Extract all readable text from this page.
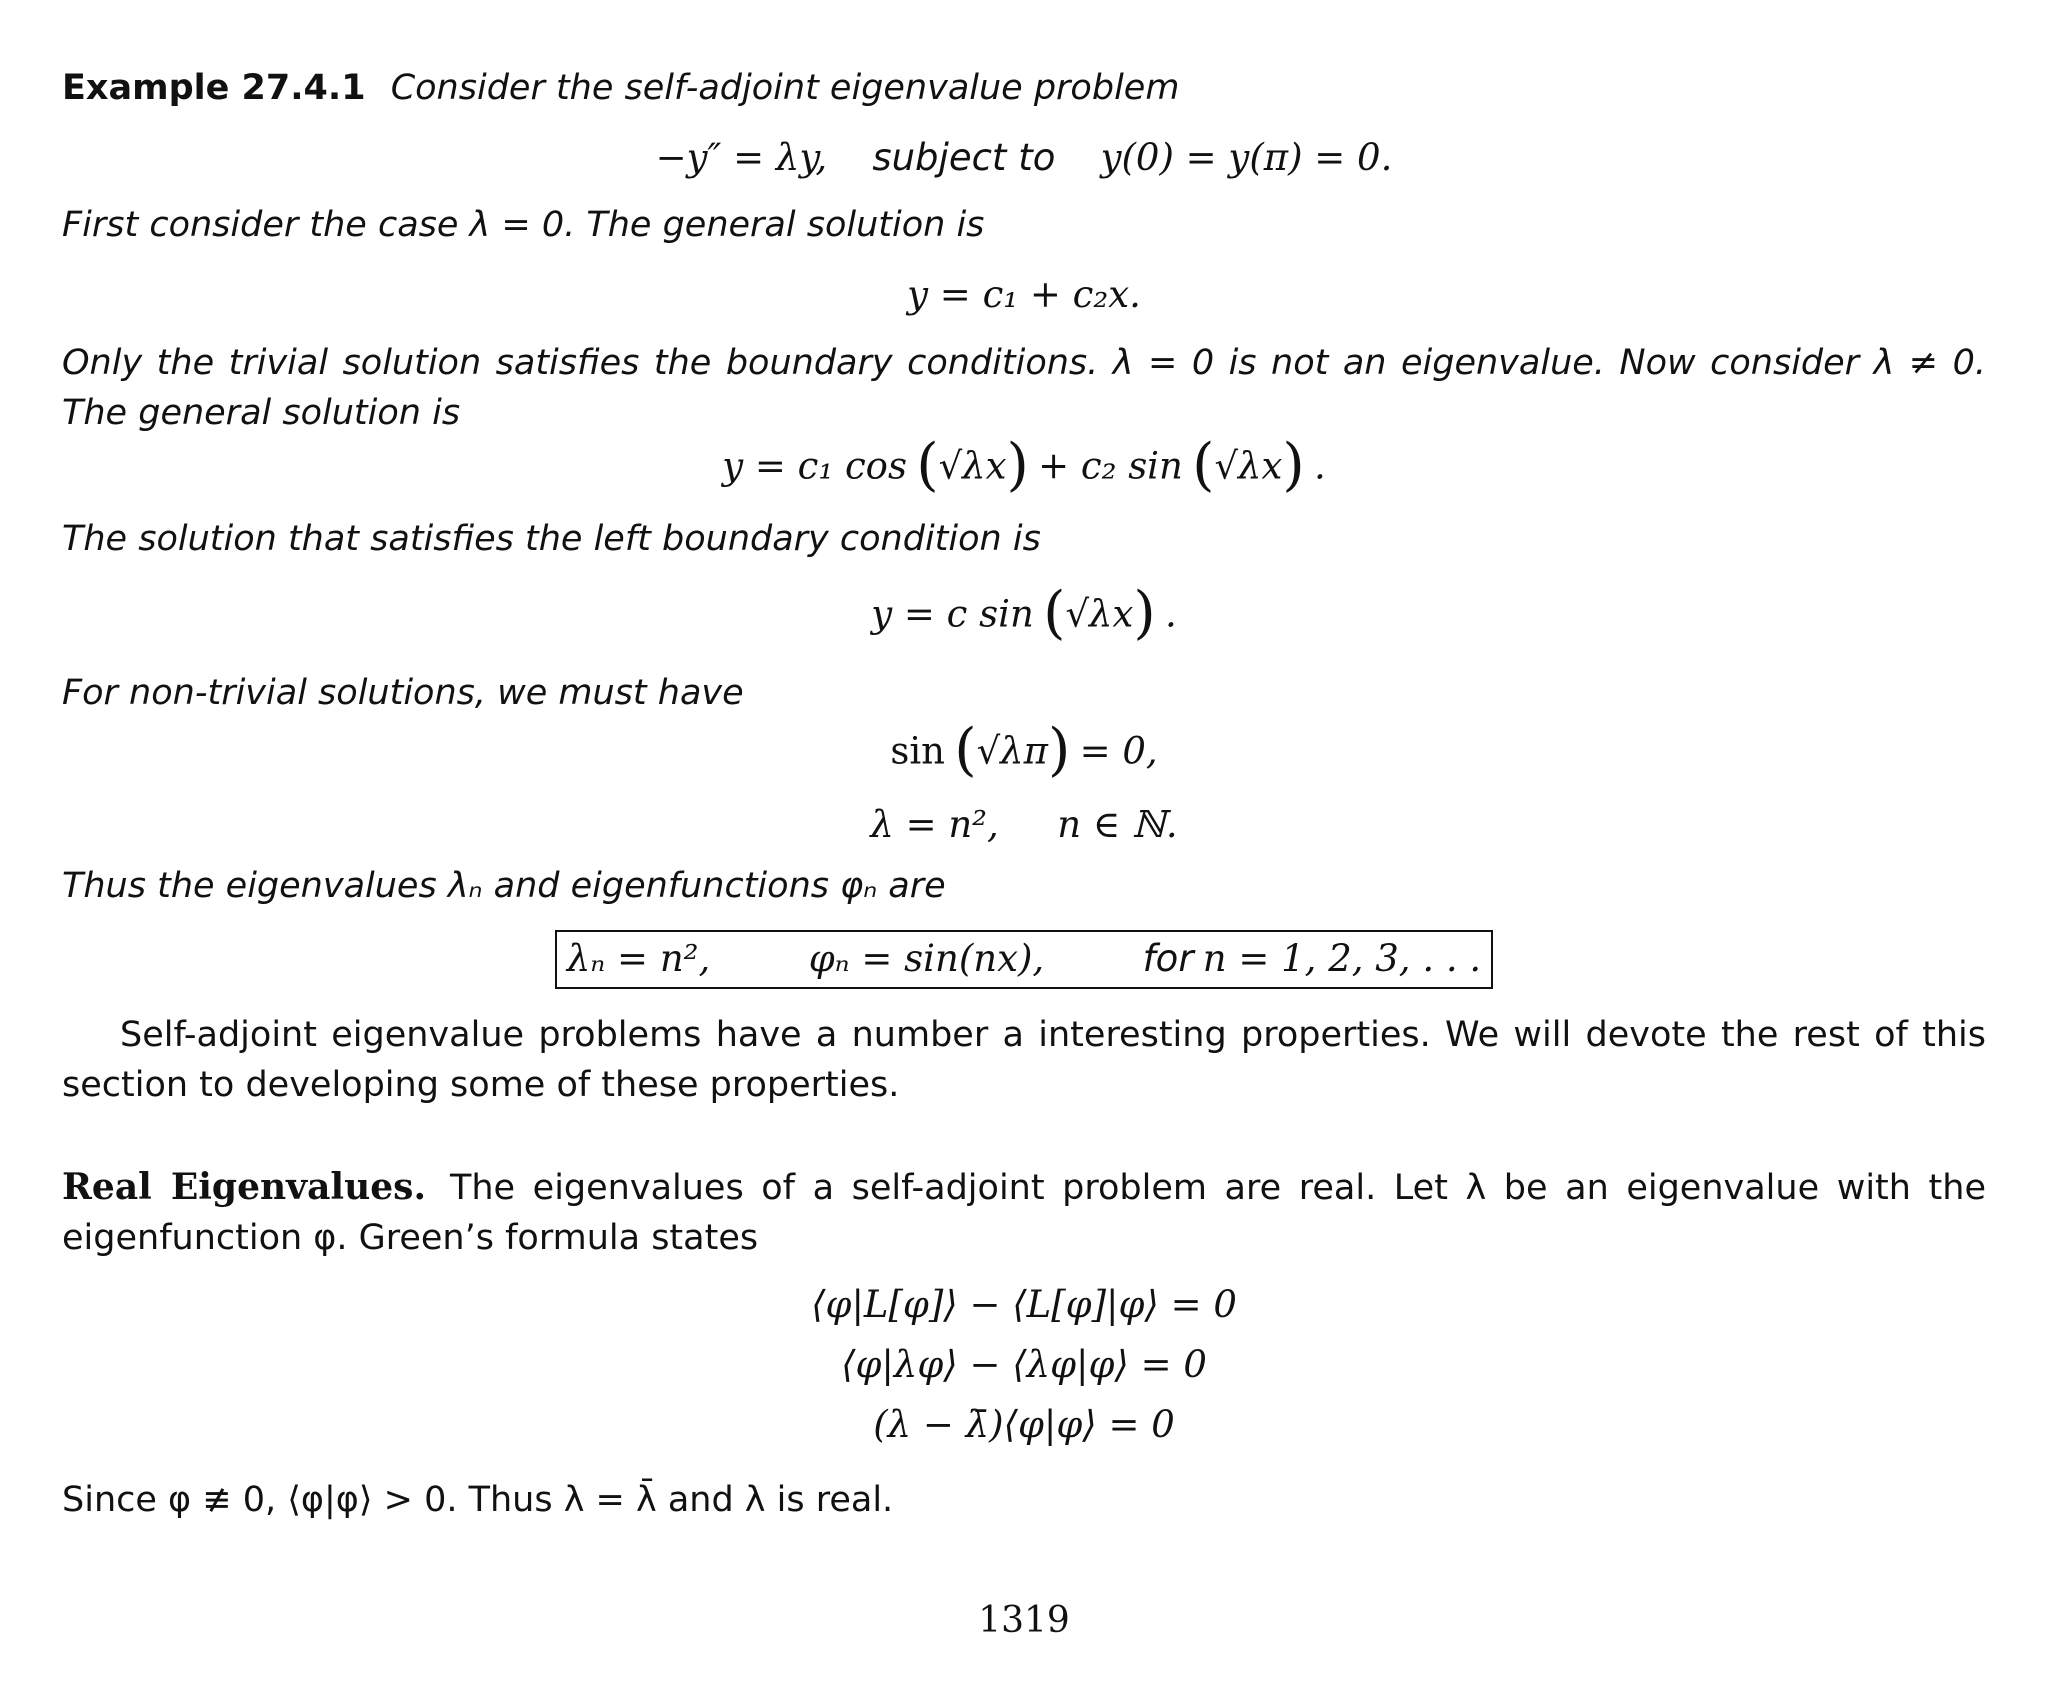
Example 27.4.1 Consider the self-adjoint eigenvalue problem
−y″ = λy, subject to y(0) = y(π) = 0.
First consider the case λ = 0. The general solution is
y = c₁ + c₂x.
Only the trivial solution satisfies the boundary conditions. λ = 0 is not an eigenvalue. Now consider λ ≠ 0. The general solution is
y = c₁ cos (√λx) + c₂ sin (√λx) .
The solution that satisfies the left boundary condition is
y = c sin (√λx) .
For non-trivial solutions, we must have
sin (√λπ) = 0,
λ = n², n ∈ ℕ.
Thus the eigenvalues λₙ and eigenfunctions φₙ are
λₙ = n²,	φₙ = sin(nx),	for n = 1, 2, 3, . . .
Self-adjoint eigenvalue problems have a number a interesting properties. We will devote the rest of this section to developing some of these properties.
Real Eigenvalues. The eigenvalues of a self-adjoint problem are real. Let λ be an eigenvalue with the eigenfunction φ. Green’s formula states
⟨φ|L[φ]⟩ − ⟨L[φ]|φ⟩ = 0
⟨φ|λφ⟩ − ⟨λφ|φ⟩ = 0
(λ − λ̄)⟨φ|φ⟩ = 0
Since φ ≢ 0, ⟨φ|φ⟩ > 0. Thus λ = λ̄ and λ is real.
1319
